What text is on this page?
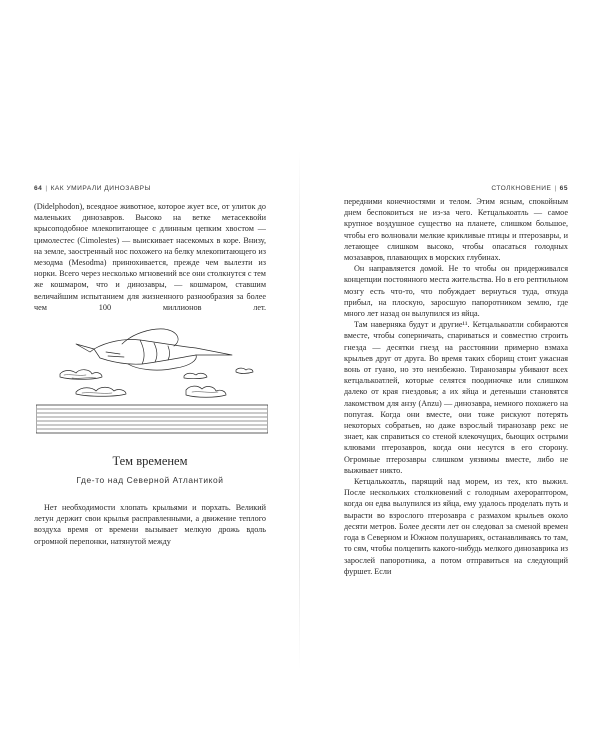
64 | КАК УМИРАЛИ ДИНОЗАВРЫ

(Didelphodon), всеядное животное, которое жует все, от улиток до маленьких динозавров. Высоко на ветке метасеквойи крысоподобное млекопитающее с длинным цепким хвостом — цимолестес (Cimolestes) — выискивает насекомых в коре. Внизу, на земле, заостренный нос похожего на белку млекопитающего из мезодма (Mesodma) принюхивается, прежде чем вылезти из норки. Всего через несколько мгновений все они столкнутся с тем же кошмаром, что и динозавры, — кошмаром, ставшим величайшим испытанием для жизненного разнообразия за более чем 100 миллионов лет.

Тем временем
Где-то над Северной Атлантикой

Нет необходимости хлопать крыльями и порхать. Великий летун держит свои крылья расправленными, а движение теплого воздуха время от времени вызывает мелкую дрожь вдоль огромной перепонки, натянутой между

СТОЛКНОВЕНИЕ | 65

передними конечностями и телом. Этим ясным, спокойным днем беспокоиться не из-за чего. Кетцалькоатль — самое крупное воздушное существо на планете, слишком большое, чтобы его волновали мелкие крикливые птицы и птерозавры, и летающее слишком высоко, чтобы опасаться голодных мозазавров, плавающих в морских глубинах.

Он направляется домой. Не то чтобы он придерживался концепции постоянного места жительства. Но в его рептильном мозгу есть что-то, что побуждает вернуться туда, откуда прибыл, на плоскую, заросшую папоротником землю, где много лет назад он вылупился из яйца.

Там наверняка будут и другие¹¹. Кетцалькоатли собираются вместе, чтобы соперничать, спариваться и совместно строить гнезда — десятки гнезд на расстоянии примерно взмаха крыльев друг от друга. Во время таких сборищ стоит ужасная вонь от гуано, но это неизбежно. Тиранозавры убивают всех кетцалькоатлей, которые селятся поодиночке или слишком далеко от края гнездовья; а их яйца и детеныши становятся лакомством для анзу (Anzu) — динозавра, немного похожего на попугая. Когда они вместе, они тоже рискуют потерять некоторых собратьев, но даже взрослый тиранозавр рекс не знает, как справиться со стеной клекочущих, бьющих острыми клювами птерозавров, когда они несутся в его сторону. Огромные птерозавры слишком уязвимы вместе, либо не выживает никто.

Кетцалькоатль, парящий над морем, из тех, кто выжил. После нескольких столкновений с голодным ахерораптором, когда он едва вылупился из яйца, ему удалось проделать путь и вырасти во взрослого птерозавра с размахом крыльев около десяти метров. Более десяти лет он следовал за сменой времен года в Северном и Южном полушариях, останавливаясь то там, то сям, чтобы полцепить какого-нибудь мелкого динозаврика из зарослей папоротника, а потом отправиться на следующий фуршет. Если
